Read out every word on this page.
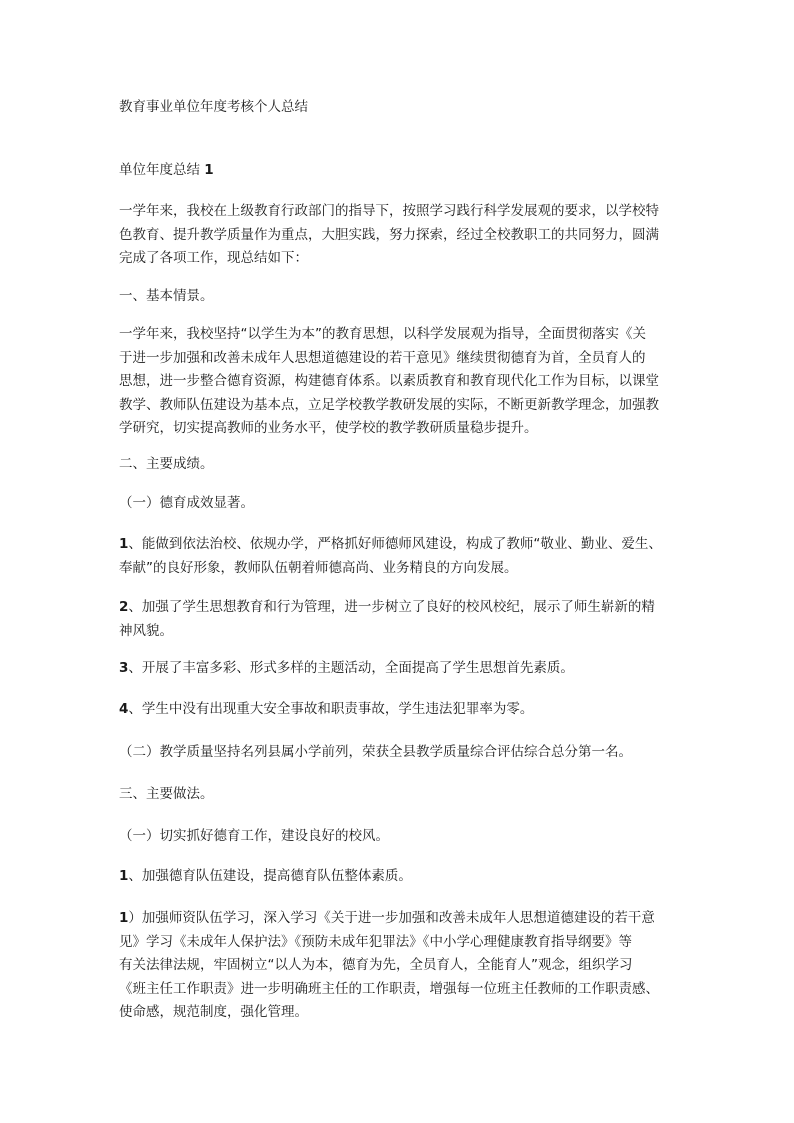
教育事业单位年度考核个人总结
单位年度总结 1
一学年来，我校在上级教育行政部门的指导下，按照学习践行科学发展观的要求，以学校特
色教育、提升教学质量作为重点，大胆实践，努力探索，经过全校教职工的共同努力，圆满
完成了各项工作，现总结如下：
一、基本情景。
一学年来，我校坚持“以学生为本”的教育思想，以科学发展观为指导，全面贯彻落实《关
于进一步加强和改善未成年人思想道德建设的若干意见》继续贯彻德育为首，全员育人的
思想，进一步整合德育资源，构建德育体系。以素质教育和教育现代化工作为目标，以课堂
教学、教师队伍建设为基本点，立足学校教学教研发展的实际，不断更新教学理念，加强教
学研究，切实提高教师的业务水平，使学校的教学教研质量稳步提升。
二、主要成绩。
（一）德育成效显著。
1、能做到依法治校、依规办学，严格抓好师德师风建设，构成了教师“敬业、勤业、爱生、
奉献”的良好形象，教师队伍朝着师德高尚、业务精良的方向发展。
2、加强了学生思想教育和行为管理，进一步树立了良好的校风校纪，展示了师生崭新的精
神风貌。
3、开展了丰富多彩、形式多样的主题活动，全面提高了学生思想首先素质。
4、学生中没有出现重大安全事故和职责事故，学生违法犯罪率为零。
（二）教学质量坚持名列县属小学前列，荣获全县教学质量综合评估综合总分第一名。
三、主要做法。
（一）切实抓好德育工作，建设良好的校风。
1、加强德育队伍建设，提高德育队伍整体素质。
1）加强师资队伍学习，深入学习《关于进一步加强和改善未成年人思想道德建设的若干意
见》学习《未成年人保护法》《预防未成年犯罪法》《中小学心理健康教育指导纲要》等
有关法律法规，牢固树立“以人为本，德育为先，全员育人，全能育人”观念，组织学习
《班主任工作职责》进一步明确班主任的工作职责，增强每一位班主任教师的工作职责感、
使命感，规范制度，强化管理。
